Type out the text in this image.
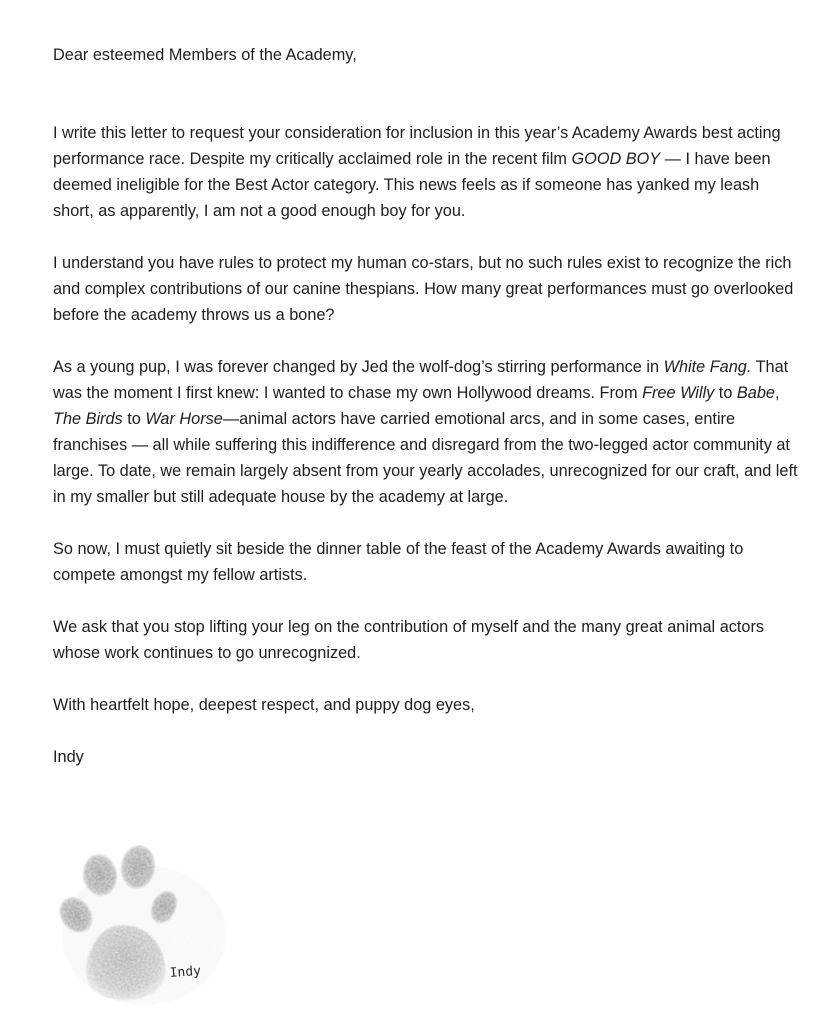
Dear esteemed Members of the Academy,

I write this letter to request your consideration for inclusion in this year’s Academy Awards best acting performance race. Despite my critically acclaimed role in the recent film GOOD BOY — I have been deemed ineligible for the Best Actor category. This news feels as if someone has yanked my leash short, as apparently, I am not a good enough boy for you.

I understand you have rules to protect my human co-stars, but no such rules exist to recognize the rich and complex contributions of our canine thespians. How many great performances must go overlooked before the academy throws us a bone?

As a young pup, I was forever changed by Jed the wolf-dog’s stirring performance in White Fang. That was the moment I first knew: I wanted to chase my own Hollywood dreams. From Free Willy to Babe, The Birds to War Horse—animal actors have carried emotional arcs, and in some cases, entire franchises — all while suffering this indifference and disregard from the two-legged actor community at large. To date, we remain largely absent from your yearly accolades, unrecognized for our craft, and left in my smaller but still adequate house by the academy at large.

So now, I must quietly sit beside the dinner table of the feast of the Academy Awards awaiting to compete amongst my fellow artists.

We ask that you stop lifting your leg on the contribution of myself and the many great animal actors whose work continues to go unrecognized.

With heartfelt hope, deepest respect, and puppy dog eyes,

Indy

Indy
